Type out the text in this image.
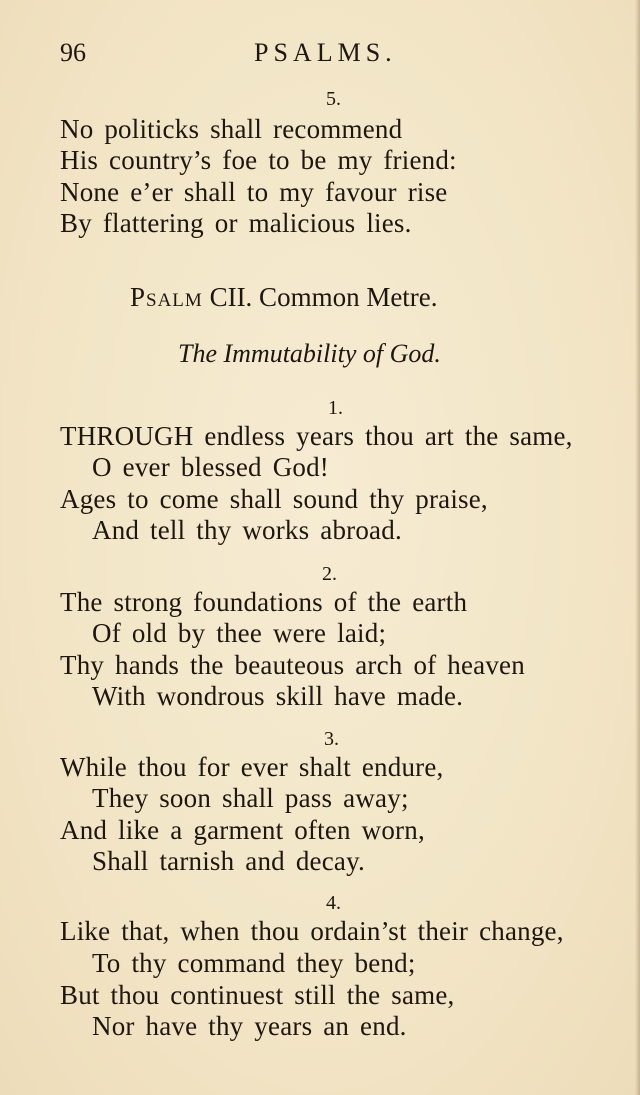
96	PSALMS.
5.
No politicks shall recommend
His country’s foe to be my friend:
None e’er shall to my favour rise
By flattering or malicious lies.
Psalm CII. Common Metre.
The Immutability of God.
1.
THROUGH endless years thou art the same,
O ever blessed God!
Ages to come shall sound thy praise,
And tell thy works abroad.
2.
The strong foundations of the earth
Of old by thee were laid;
Thy hands the beauteous arch of heaven
With wondrous skill have made.
3.
While thou for ever shalt endure,
They soon shall pass away;
And like a garment often worn,
Shall tarnish and decay.
4.
Like that, when thou ordain’st their change,
To thy command they bend;
But thou continuest still the same,
Nor have thy years an end.
